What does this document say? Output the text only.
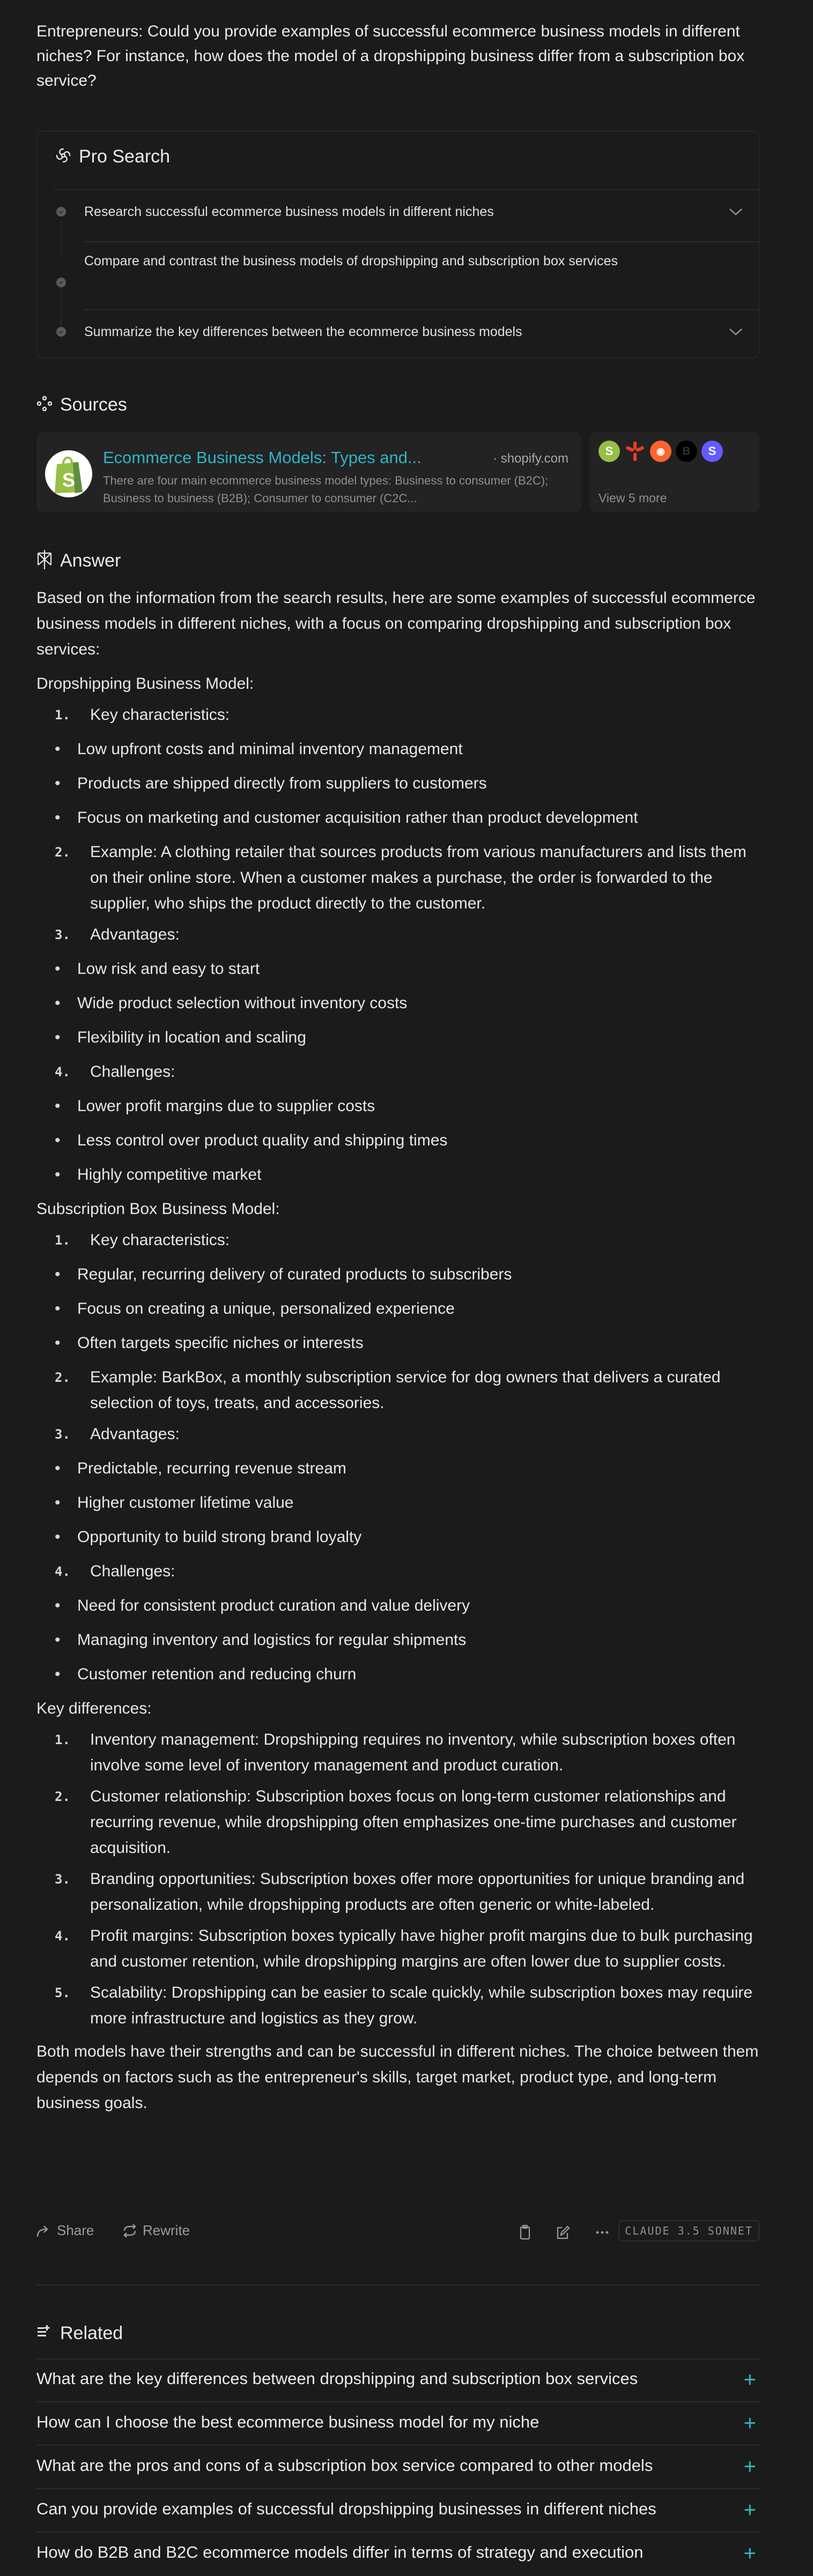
Entrepreneurs: Could you provide examples of successful ecommerce business models in different niches? For instance, how does the model of a dropshipping business differ from a subscription box service?
Pro Search
Research successful ecommerce business models in different niches
Compare and contrast the business models of dropshipping and subscription box services
Summarize the key differences between the ecommerce business models
Sources
S
Ecommerce Business Models: Types and...	· shopify.com
There are four main ecommerce business model types: Business to consumer (B2C); Business to business (B2B); Consumer to consumer (C2C...
S	◉	B	S
View 5 more
Answer

Based on the information from the search results, here are some examples of successful ecommerce business models in different niches, with a focus on comparing dropshipping and subscription box services:

Dropshipping Business Model:

1.	Key characteristics:
•	Low upfront costs and minimal inventory management
•	Products are shipped directly from suppliers to customers
•	Focus on marketing and customer acquisition rather than product development
2.	Example: A clothing retailer that sources products from various manufacturers and lists them on their online store. When a customer makes a purchase, the order is forwarded to the supplier, who ships the product directly to the customer.
3.	Advantages:
•	Low risk and easy to start
•	Wide product selection without inventory costs
•	Flexibility in location and scaling
4.	Challenges:
•	Lower profit margins due to supplier costs
•	Less control over product quality and shipping times
•	Highly competitive market

Subscription Box Business Model:

1.	Key characteristics:
•	Regular, recurring delivery of curated products to subscribers
•	Focus on creating a unique, personalized experience
•	Often targets specific niches or interests
2.	Example: BarkBox, a monthly subscription service for dog owners that delivers a curated selection of toys, treats, and accessories.
3.	Advantages:
•	Predictable, recurring revenue stream
•	Higher customer lifetime value
•	Opportunity to build strong brand loyalty
4.	Challenges:
•	Need for consistent product curation and value delivery
•	Managing inventory and logistics for regular shipments
•	Customer retention and reducing churn

Key differences:

1.	Inventory management: Dropshipping requires no inventory, while subscription boxes often involve some level of inventory management and product curation.
2.	Customer relationship: Subscription boxes focus on long-term customer relationships and recurring revenue, while dropshipping often emphasizes one-time purchases and customer acquisition.
3.	Branding opportunities: Subscription boxes offer more opportunities for unique branding and personalization, while dropshipping products are often generic or white-labeled.
4.	Profit margins: Subscription boxes typically have higher profit margins due to bulk purchasing and customer retention, while dropshipping margins are often lower due to supplier costs.
5.	Scalability: Dropshipping can be easier to scale quickly, while subscription boxes may require more infrastructure and logistics as they grow.

Both models have their strengths and can be successful in different niches. The choice between them depends on factors such as the entrepreneur's skills, target market, product type, and long-term business goals.

Share	Rewrite	CLAUDE 3.5 SONNET
Related
What are the key differences between dropshipping and subscription box services	+
How can I choose the best ecommerce business model for my niche	+
What are the pros and cons of a subscription box service compared to other models	+
Can you provide examples of successful dropshipping businesses in different niches	+
How do B2B and B2C ecommerce models differ in terms of strategy and execution	+
